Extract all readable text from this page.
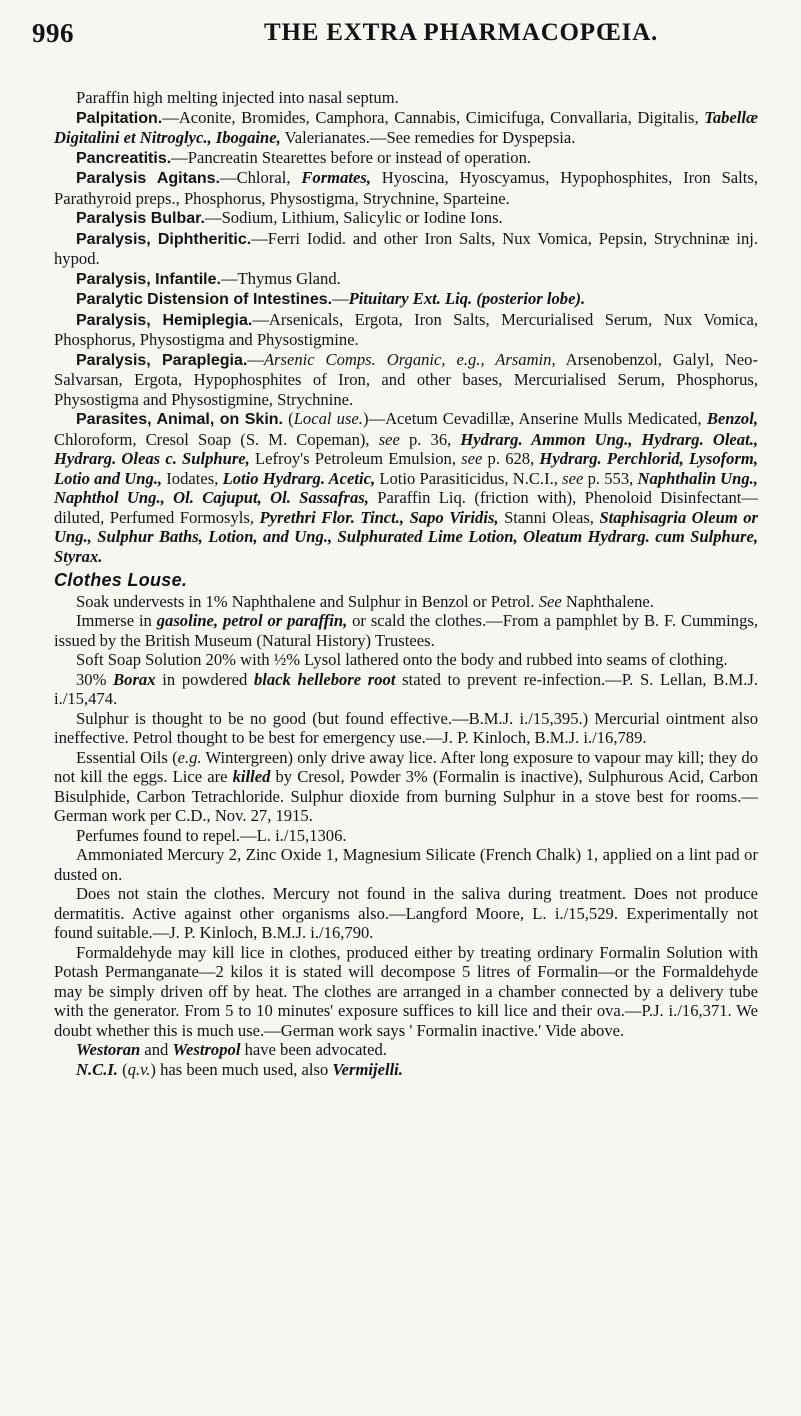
996	THE EXTRA PHARMACOPŒIA.

Paraffin high melting injected into nasal septum.

Palpitation.—Aconite, Bromides, Camphora, Cannabis, Cimicifuga, Convallaria, Digitalis, Tabellæ Digitalini et Nitroglyc., Ibogaine, Valerianates.—See remedies for Dyspepsia.

Pancreatitis.—Pancreatin Stearettes before or instead of operation.

Paralysis Agitans.—Chloral, Formates, Hyoscina, Hyoscyamus, Hypophosphites, Iron Salts, Parathyroid preps., Phosphorus, Physostigma, Strychnine, Sparteine.

Paralysis Bulbar.—Sodium, Lithium, Salicylic or Iodine Ions.

Paralysis, Diphtheritic.—Ferri Iodid. and other Iron Salts, Nux Vomica, Pepsin, Strychninæ inj. hypod.

Paralysis, Infantile.—Thymus Gland.

Paralytic Distension of Intestines.—Pituitary Ext. Liq. (posterior lobe).

Paralysis, Hemiplegia.—Arsenicals, Ergota, Iron Salts, Mercurialised Serum, Nux Vomica, Phosphorus, Physostigma and Physostigmine.

Paralysis, Paraplegia.—Arsenic Comps. Organic, e.g., Arsamin, Arsenobenzol, Galyl, Neo-Salvarsan, Ergota, Hypophosphites of Iron, and other bases, Mercurialised Serum, Phosphorus, Physostigma and Physostigmine, Strychnine.

Parasites, Animal, on Skin. (Local use.)—Acetum Cevadillæ, Anserine Mulls Medicated, Benzol, Chloroform, Cresol Soap (S. M. Copeman), see p. 36, Hydrarg. Ammon Ung., Hydrarg. Oleat., Hydrarg. Oleas c. Sulphure, Lefroy's Petroleum Emulsion, see p. 628, Hydrarg. Perchlorid, Lysoform, Lotio and Ung., Iodates, Lotio Hydrarg. Acetic, Lotio Parasiticidus, N.C.I., see p. 553, Naphthalin Ung., Naphthol Ung., Ol. Cajuput, Ol. Sassafras, Paraffin Liq. (friction with), Phenoloid Disinfectant—diluted, Perfumed Formosyls, Pyrethri Flor. Tinct., Sapo Viridis, Stanni Oleas, Staphisagria Oleum or Ung., Sulphur Baths, Lotion, and Ung., Sulphurated Lime Lotion, Oleatum Hydrarg. cum Sulphure, Styrax.

Clothes Louse.

Soak undervests in 1% Naphthalene and Sulphur in Benzol or Petrol. See Naphthalene.

Immerse in gasoline, petrol or paraffin, or scald the clothes.—From a pamphlet by B. F. Cummings, issued by the British Museum (Natural History) Trustees.

Soft Soap Solution 20% with ½% Lysol lathered onto the body and rubbed into seams of clothing.

30% Borax in powdered black hellebore root stated to prevent re-infection.—P. S. Lellan, B.M.J. i./15,474.

Sulphur is thought to be no good (but found effective.—B.M.J. i./15,395.) Mercurial ointment also ineffective. Petrol thought to be best for emergency use.—J. P. Kinloch, B.M.J. i./16,789.

Essential Oils (e.g. Wintergreen) only drive away lice. After long exposure to vapour may kill; they do not kill the eggs. Lice are killed by Cresol, Powder 3% (Formalin is inactive), Sulphurous Acid, Carbon Bisulphide, Carbon Tetrachloride. Sulphur dioxide from burning Sulphur in a stove best for rooms.—German work per C.D., Nov. 27, 1915.

Perfumes found to repel.—L. i./15,1306.

Ammoniated Mercury 2, Zinc Oxide 1, Magnesium Silicate (French Chalk) 1, applied on a lint pad or dusted on.

Does not stain the clothes. Mercury not found in the saliva during treatment. Does not produce dermatitis. Active against other organisms also.—Langford Moore, L. i./15,529. Experimentally not found suitable.—J. P. Kinloch, B.M.J. i./16,790.

Formaldehyde may kill lice in clothes, produced either by treating ordinary Formalin Solution with Potash Permanganate—2 kilos it is stated will decompose 5 litres of Formalin—or the Formaldehyde may be simply driven off by heat. The clothes are arranged in a chamber connected by a delivery tube with the generator. From 5 to 10 minutes' exposure suffices to kill lice and their ova.—P.J. i./16,371. We doubt whether this is much use.—German work says ' Formalin inactive.' Vide above.

Westoran and Westropol have been advocated.

N.C.I. (q.v.) has been much used, also Vermijelli.
